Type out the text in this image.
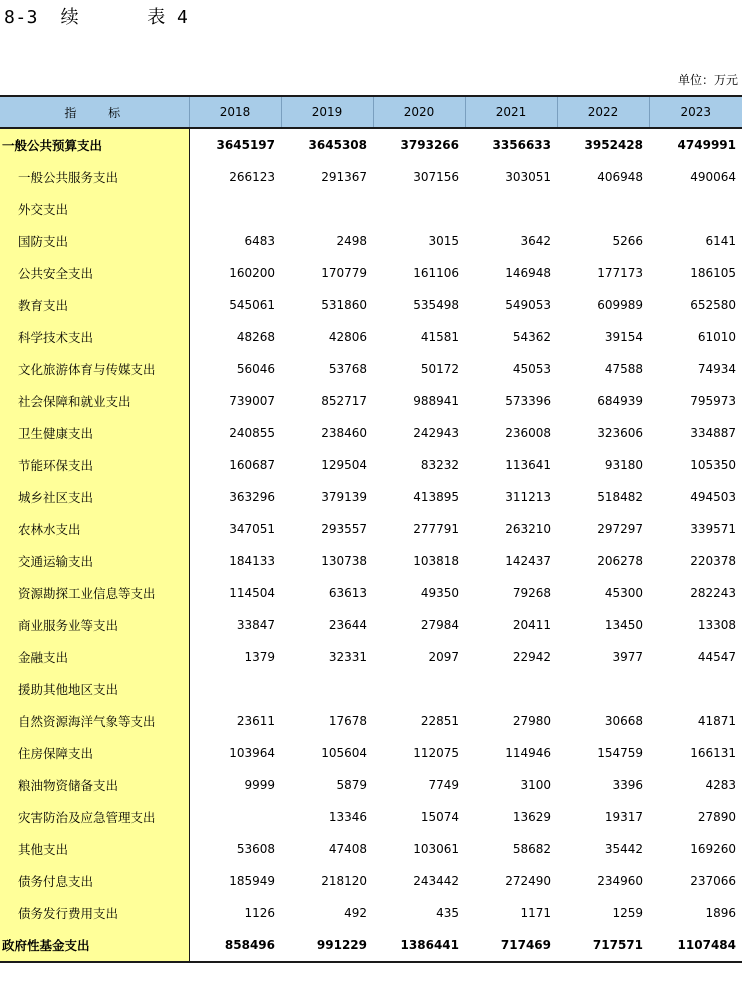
8-3  续      表 4
单位：万元
指 标	2018	2019	2020	2021	2022	2023
一般公共预算支出	3645197	3645308	3793266	3356633	3952428	4749991
一般公共服务支出	266123	291367	307156	303051	406948	490064
外交支出						
国防支出	6483	2498	3015	3642	5266	6141
公共安全支出	160200	170779	161106	146948	177173	186105
教育支出	545061	531860	535498	549053	609989	652580
科学技术支出	48268	42806	41581	54362	39154	61010
文化旅游体育与传媒支出	56046	53768	50172	45053	47588	74934
社会保障和就业支出	739007	852717	988941	573396	684939	795973
卫生健康支出	240855	238460	242943	236008	323606	334887
节能环保支出	160687	129504	83232	113641	93180	105350
城乡社区支出	363296	379139	413895	311213	518482	494503
农林水支出	347051	293557	277791	263210	297297	339571
交通运输支出	184133	130738	103818	142437	206278	220378
资源勘探工业信息等支出	114504	63613	49350	79268	45300	282243
商业服务业等支出	33847	23644	27984	20411	13450	13308
金融支出	1379	32331	2097	22942	3977	44547
援助其他地区支出						
自然资源海洋气象等支出	23611	17678	22851	27980	30668	41871
住房保障支出	103964	105604	112075	114946	154759	166131
粮油物资储备支出	9999	5879	7749	3100	3396	4283
灾害防治及应急管理支出		13346	15074	13629	19317	27890
其他支出	53608	47408	103061	58682	35442	169260
债务付息支出	185949	218120	243442	272490	234960	237066
债务发行费用支出	1126	492	435	1171	1259	1896
政府性基金支出	858496	991229	1386441	717469	717571	1107484
